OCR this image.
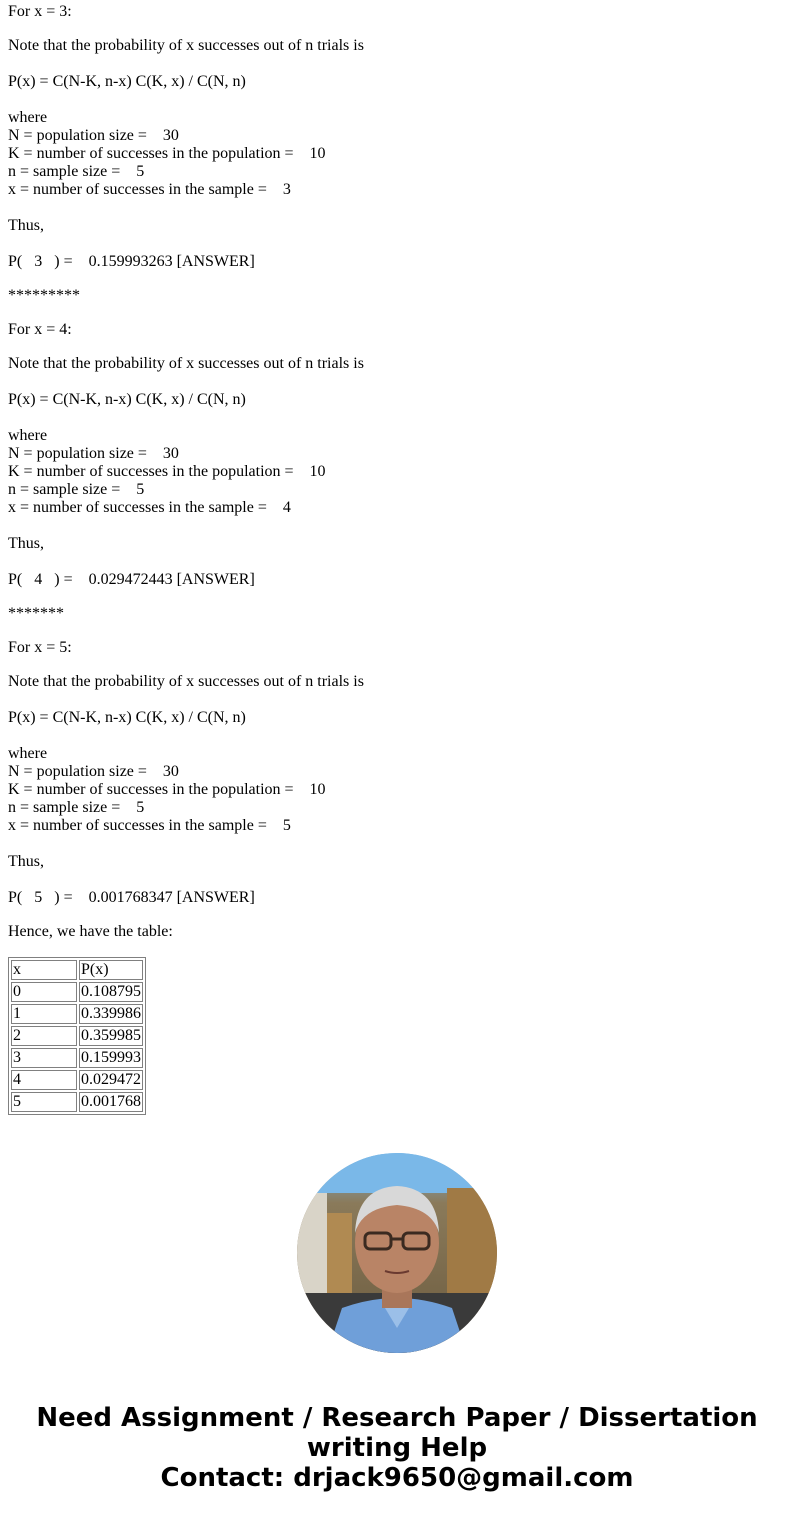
For x = 3:
Note that the probability of x successes out of n trials is
P(x) = C(N-K, n-x) C(K, x) / C(N, n)
where
N = population size = 30
K = number of successes in the population = 10
n = sample size = 5
x = number of successes in the sample = 3
Thus,
P( 3 ) = 0.159993263 [ANSWER]
*********
For x = 4:
Note that the probability of x successes out of n trials is
P(x) = C(N-K, n-x) C(K, x) / C(N, n)
where
N = population size = 30
K = number of successes in the population = 10
n = sample size = 5
x = number of successes in the sample = 4
Thus,
P( 4 ) = 0.029472443 [ANSWER]
*******
For x = 5:
Note that the probability of x successes out of n trials is
P(x) = C(N-K, n-x) C(K, x) / C(N, n)
where
N = population size = 30
K = number of successes in the population = 10
n = sample size = 5
x = number of successes in the sample = 5
Thus,
P( 5 ) = 0.001768347 [ANSWER]
Hence, we have the table:
x	P(x)
0	0.108795
1	0.339986
2	0.359985
3	0.159993
4	0.029472
5	0.001768
Need Assignment / Research Paper / Dissertation
writing Help
Contact: drjack9650@gmail.com
